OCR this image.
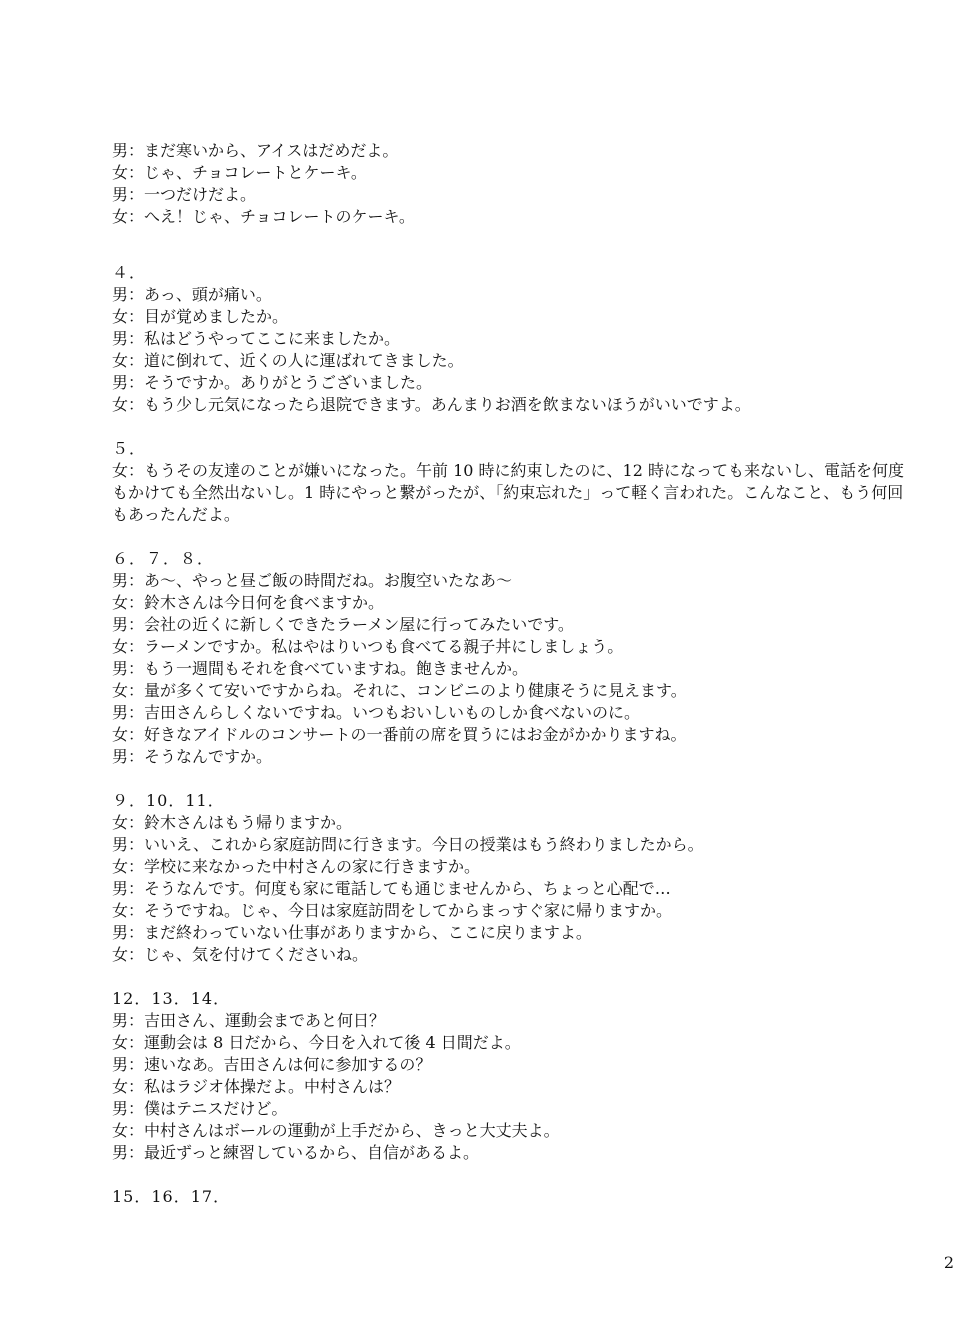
男：まだ寒いから、アイスはだめだよ。
女：じゃ、チョコレートとケーキ。
男：一つだけだよ。
女：へえ！じゃ、チョコレートのケーキ。
４．
男：あっ、頭が痛い。
女：目が覚めましたか。
男：私はどうやってここに来ましたか。
女：道に倒れて、近くの人に運ばれてきました。
男：そうですか。ありがとうございました。
女：もう少し元気になったら退院できます。あんまりお酒を飲まないほうがいいですよ。
５．
女：もうその友達のことが嫌いになった。午前 10 時に約束したのに、12 時になっても来ないし、電話を何度もかけても全然出ないし。1 時にやっと繋がったが、「約束忘れた」って軽く言われた。こんなこと、もう何回もあったんだよ。
６．７．８．
男：あ～、やっと昼ご飯の時間だね。お腹空いたなあ～
女：鈴木さんは今日何を食べますか。
男：会社の近くに新しくできたラーメン屋に行ってみたいです。
女：ラーメンですか。私はやはりいつも食べてる親子丼にしましょう。
男：もう一週間もそれを食べていますね。飽きませんか。
女：量が多くて安いですからね。それに、コンビニのより健康そうに見えます。
男：吉田さんらしくないですね。いつもおいしいものしか食べないのに。
女：好きなアイドルのコンサートの一番前の席を買うにはお金がかかりますね。
男：そうなんですか。
９．10．11．
女：鈴木さんはもう帰りますか。
男：いいえ、これから家庭訪問に行きます。今日の授業はもう終わりましたから。
女：学校に来なかった中村さんの家に行きますか。
男：そうなんです。何度も家に電話しても通じませんから、ちょっと心配で…
女：そうですね。じゃ、今日は家庭訪問をしてからまっすぐ家に帰りますか。
男：まだ終わっていない仕事がありますから、ここに戻りますよ。
女：じゃ、気を付けてくださいね。
12．13．14．
男：吉田さん、運動会まであと何日？
女：運動会は 8 日だから、今日を入れて後 4 日間だよ。
男：速いなあ。吉田さんは何に参加するの？
女：私はラジオ体操だよ。中村さんは？
男：僕はテニスだけど。
女：中村さんはボールの運動が上手だから、きっと大丈夫よ。
男：最近ずっと練習しているから、自信があるよ。
15．16．17．
2
